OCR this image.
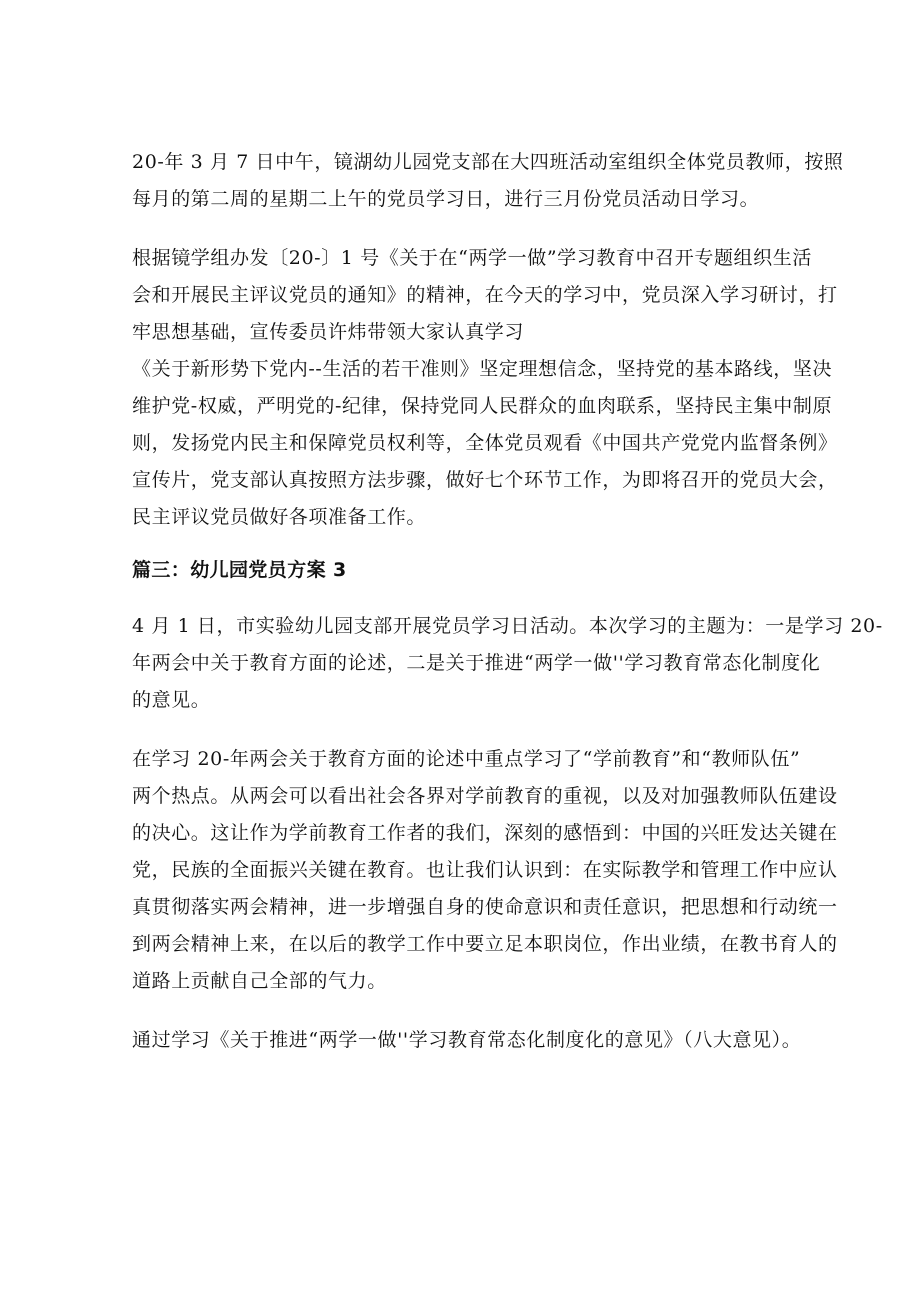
20-年 3 月 7 日中午，镜湖幼儿园党支部在大四班活动室组织全体党员教师，按照
每月的第二周的星期二上午的党员学习日，进行三月份党员活动日学习。
根据镜学组办发〔20-〕1 号《关于在“两学一做”学习教育中召开专题组织生活
会和开展民主评议党员的通知》的精神，在今天的学习中，党员深入学习研讨，打
牢思想基础，宣传委员许炜带领大家认真学习
《关于新形势下党内--生活的若干准则》坚定理想信念，坚持党的基本路线，坚决
维护党-权威，严明党的-纪律，保持党同人民群众的血肉联系，坚持民主集中制原
则，发扬党内民主和保障党员权利等，全体党员观看《中国共产党党内监督条例》
宣传片，党支部认真按照方法步骤，做好七个环节工作，为即将召开的党员大会，
民主评议党员做好各项准备工作。
篇三：幼儿园党员方案 3
4 月 1 日，市实验幼儿园支部开展党员学习日活动。本次学习的主题为：一是学习 20-
年两会中关于教育方面的论述，二是关于推进“两学一做''学习教育常态化制度化
的意见。
在学习 20-年两会关于教育方面的论述中重点学习了“学前教育”和“教师队伍”
两个热点。从两会可以看出社会各界对学前教育的重视，以及对加强教师队伍建设
的决心。这让作为学前教育工作者的我们，深刻的感悟到：中国的兴旺发达关键在
党，民族的全面振兴关键在教育。也让我们认识到：在实际教学和管理工作中应认
真贯彻落实两会精神，进一步增强自身的使命意识和责任意识，把思想和行动统一
到两会精神上来，在以后的教学工作中要立足本职岗位，作出业绩，在教书育人的
道路上贡献自己全部的气力。
通过学习《关于推进“两学一做''学习教育常态化制度化的意见》（八大意见）。
